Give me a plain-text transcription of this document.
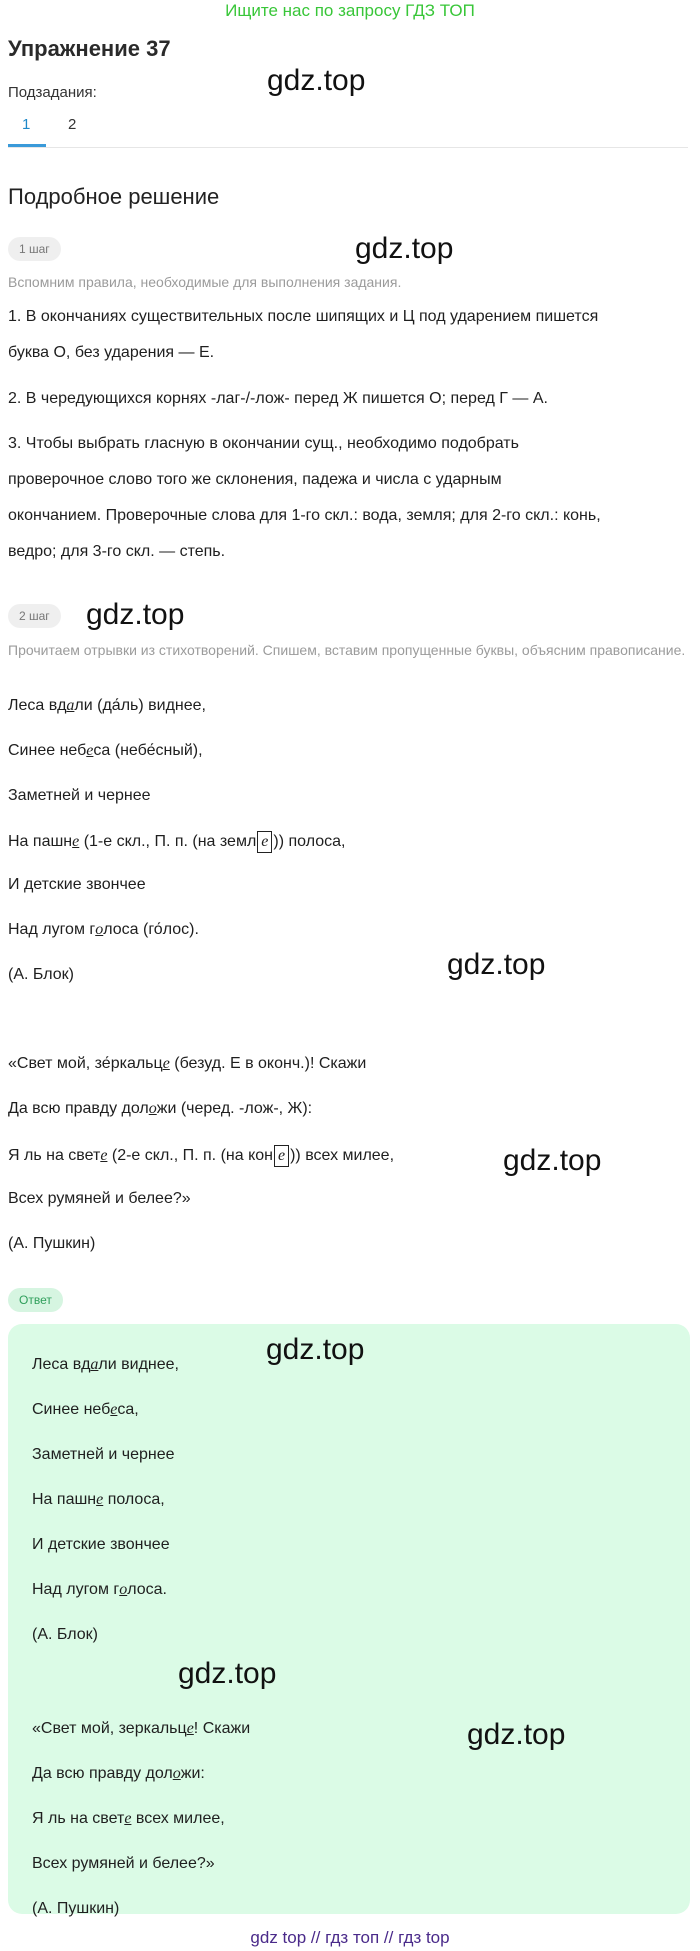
Ищите нас по запросу ГДЗ ТОП
Упражнение 37
Подзадания:
1	2
Подробное решение
1 шаг
Вспомним правила, необходимые для выполнения задания.
1. В окончаниях существительных после шипящих и Ц под ударением пишется
буква О, без ударения — Е.
2. В чередующихся корнях -лаг-/-лож- перед Ж пишется О; перед Г — А.
3. Чтобы выбрать гласную в окончании сущ., необходимо подобрать
проверочное слово того же склонения, падежа и числа с ударным
окончанием. Проверочные слова для 1-го скл.: вода, земля; для 2-го скл.: конь,
ведро; для 3-го скл. — степь.
2 шаг
Прочитаем отрывки из стихотворений. Спишем, вставим пропущенные буквы, объясним правописание.
Леса вдали (да́ль) виднее,
Синее небеса (небе́сный),
Заметней и чернее
На пашне (1-е скл., П. п. (на земл е )) полоса,
И детские звончее
Над лугом голоса (го́лос).
(А. Блок)
«Свет мой, зе́ркальце (безуд. Е в оконч.)! Скажи
Да всю правду доложи (черед. -лож-, Ж):
Я ль на свете (2-е скл., П. п. (на кон е )) всех милее,
Всех румяней и белее?»
(А. Пушкин)
Ответ
Леса вдали виднее,
Синее небеса,
Заметней и чернее
На пашне полоса,
И детские звончее
Над лугом голоса.
(А. Блок)
«Свет мой, зеркальце! Скажи
Да всю правду доложи:
Я ль на свете всех милее,
Всех румяней и белее?»
(А. Пушкин)
gdz.top
gdz.top
gdz.top
gdz.top
gdz.top
gdz.top
gdz.top
gdz.top
gdz top // гдз топ // гдз top
